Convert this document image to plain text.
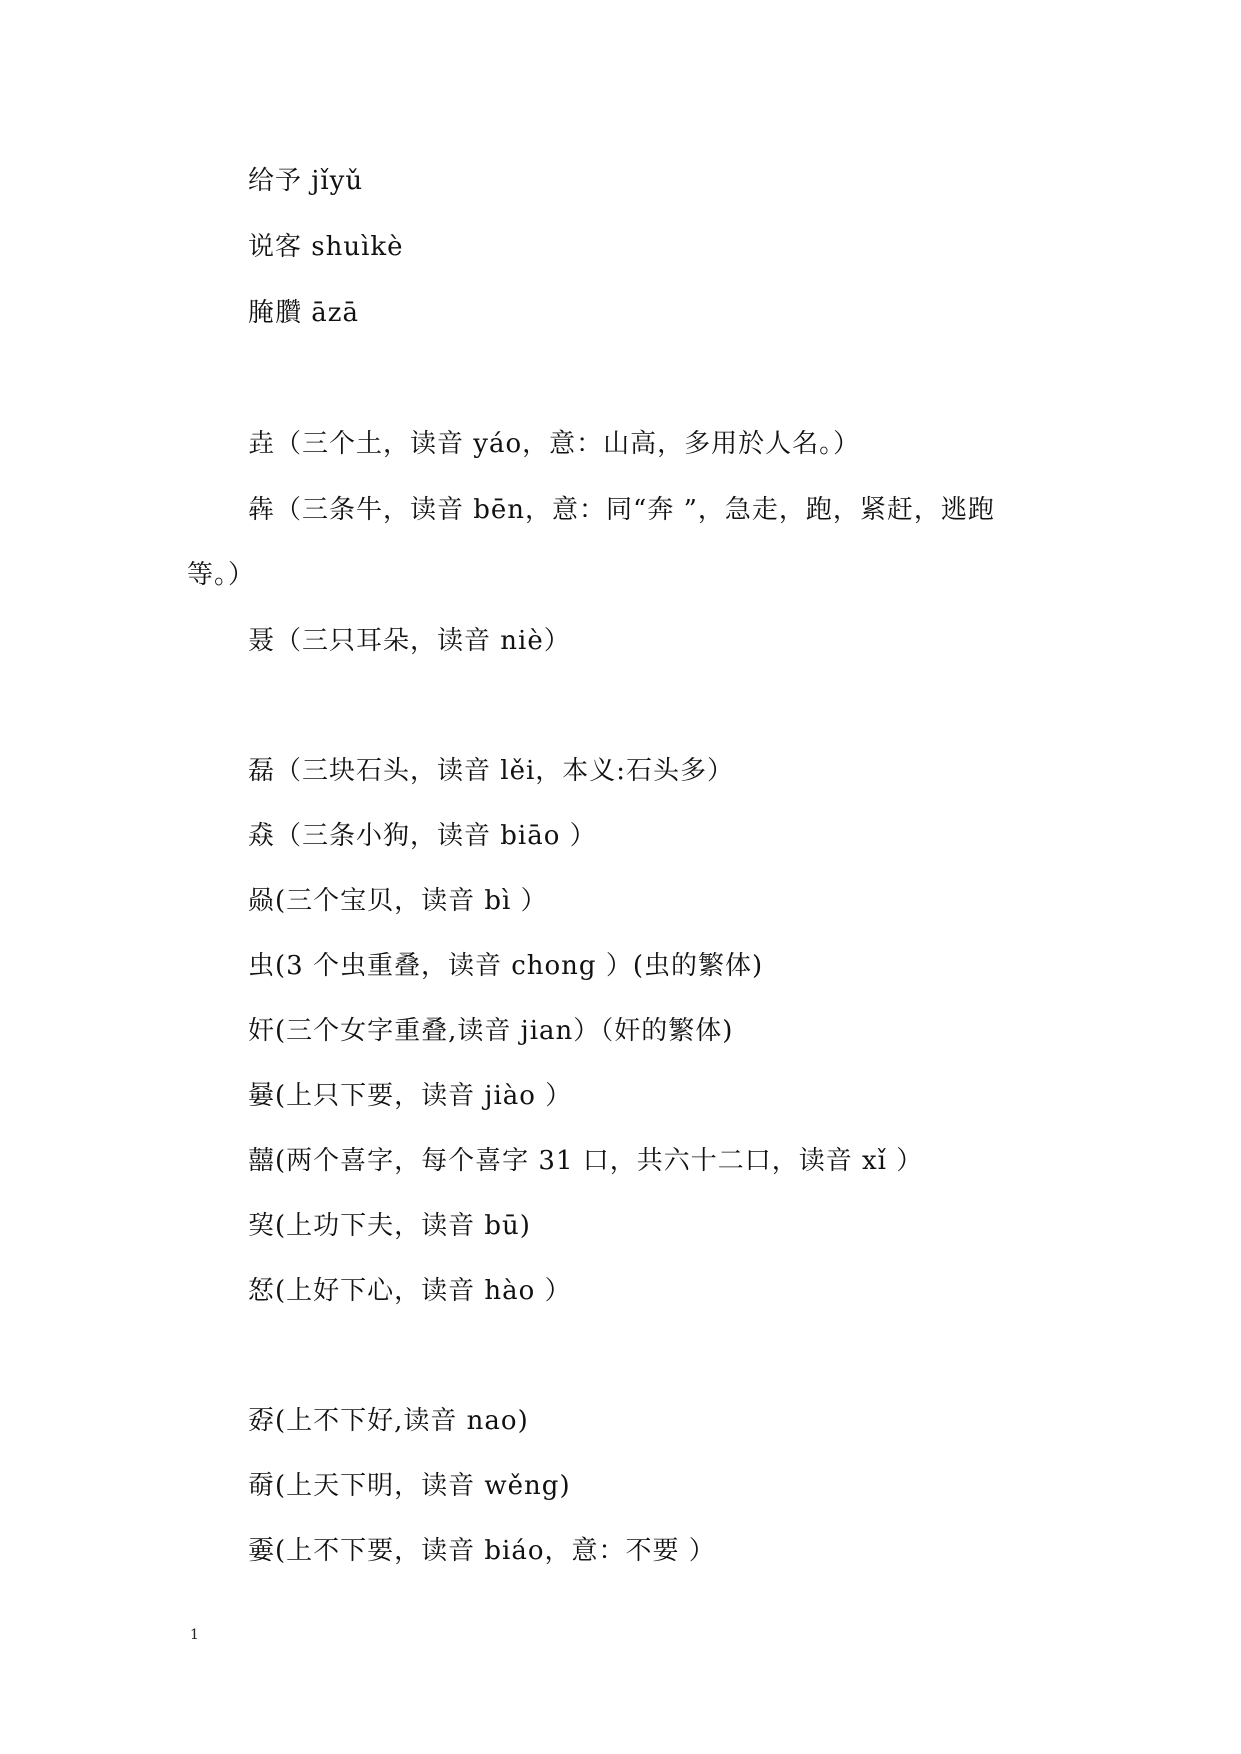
给予 jǐyǔ
说客 shuìkè
腌臢 āzā
垚（三个土，读音 yáo，意：山高，多用於人名。）
犇（三条牛，读音 bēn，意：同“奔 ”，急走，跑，紧赶，逃跑
等。）
聂（三只耳朵，读音 niè）
磊（三块石头，读音 lěi，本义:石头多）
猋（三条小狗，读音 biāo ）
赑(三个宝贝，读音 bì ）
虫(3 个虫重叠，读音 chong ）(虫的繁体)
奸(三个女字重叠,读音 jian）（奸的繁体)
嘦(上只下要，读音 jiào ）
囍(两个喜字，每个喜字 31 口，共六十二口，读音 xǐ ）
巭(上功下夫，读音 bū)
恏(上好下心，读音 hào ）
孬(上不下好,读音 nao)
奣(上天下明，读音 wěng)
嫑(上不下要，读音 biáo，意：不要 ）
1
